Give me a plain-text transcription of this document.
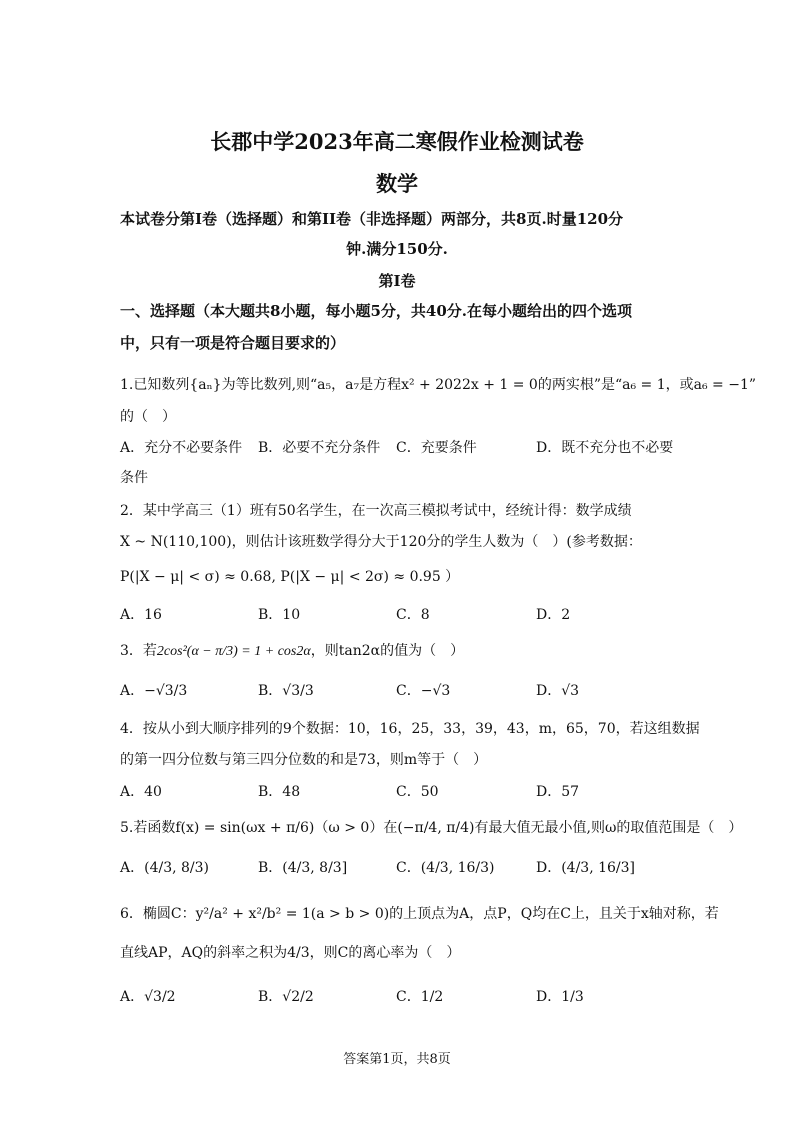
长郡中学2023年高二寒假作业检测试卷
数学
本试卷分第I卷（选择题）和第II卷（非选择题）两部分，共8页.时量120分
钟.满分150分.
第I卷
一、选择题（本大题共8小题，每小题5分，共40分.在每小题给出的四个选项
中，只有一项是符合题目要求的）
1.已知数列{aₙ}为等比数列,则“a₅，a₇是方程x² + 2022x + 1 = 0的两实根”是“a₆ = 1，或a₆ = −1”
的（　）
A．充分不必要条件 B．必要不充分条件 C．充要条件	D．既不充分也不必要
条件
2．某中学高三（1）班有50名学生，在一次高三模拟考试中，经统计得：数学成绩
X ~ N(110,100)，则估计该班数学得分大于120分的学生人数为（　）(参考数据：
P(|X − μ| < σ) ≈ 0.68, P(|X − μ| < 2σ) ≈ 0.95 ）
A．16	B．10	C．8	D．2
3．若2cos²(α − π/3) = 1 + cos2α，则tan2α的值为（　）
A．−√3/3	B．√3/3	C．−√3	D．√3
4．按从小到大顺序排列的9个数据：10，16，25，33，39，43，m，65，70，若这组数据
的第一四分位数与第三四分位数的和是73，则m等于（　）
A．40	B．48	C．50	D．57
5.若函数f(x) = sin(ωx + π/6)（ω > 0）在(−π/4, π/4)有最大值无最小值,则ω的取值范围是（　）
A．(4/3, 8/3)	B．(4/3, 8/3]	C．(4/3, 16/3)	D．(4/3, 16/3]
6．椭圆C：y²/a² + x²/b² = 1(a > b > 0)的上顶点为A，点P，Q均在C上，且关于x轴对称，若
直线AP，AQ的斜率之积为4/3，则C的离心率为（　）
A．√3/2	B．√2/2	C．1/2	D．1/3
答案第1页，共8页
